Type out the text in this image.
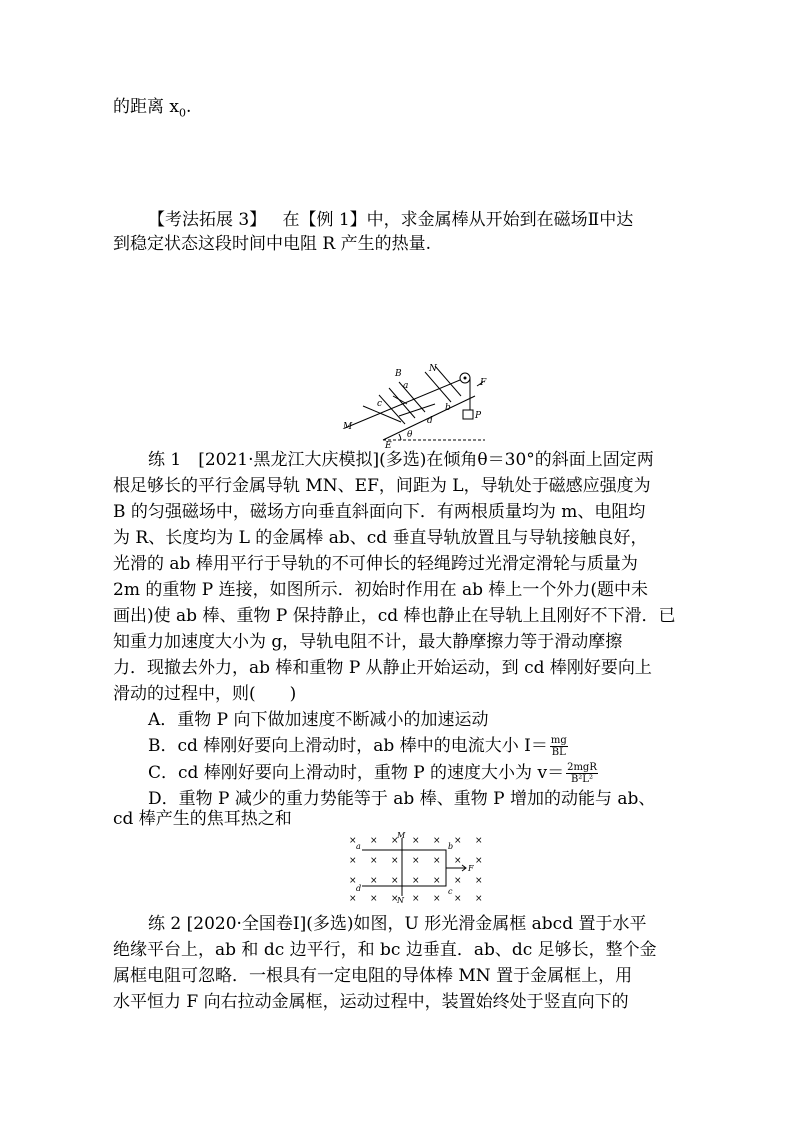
的距离 $x_0$.
【考法拓展 3】 在【例 1】中，求金属棒从开始到在磁场Ⅱ中达
到稳定状态这段时间中电阻 R 产生的热量.
B	N
a
c	b
d
F
P
M
E
θ
练 1　[2021·黑龙江大庆模拟](多选)在倾角θ＝30°的斜面上固定两
根足够长的平行金属导轨 MN、EF，间距为 L，导轨处于磁感应强度为
B 的匀强磁场中，磁场方向垂直斜面向下．有两根质量均为 m、电阻均
为 R、长度均为 L 的金属棒 ab、cd 垂直导轨放置且与导轨接触良好，
光滑的 ab 棒用平行于导轨的不可伸长的轻绳跨过光滑定滑轮与质量为
2m 的重物 P 连接，如图所示．初始时作用在 ab 棒上一个外力(题中未
画出)使 ab 棒、重物 P 保持静止，cd 棒也静止在导轨上且刚好不下滑．已
知重力加速度大小为 g，导轨电阻不计，最大静摩擦力等于滑动摩擦
力．现撤去外力，ab 棒和重物 P 从静止开始运动，到 cd 棒刚好要向上
滑动的过程中，则(　　)
A．重物 P 向下做加速度不断减小的加速运动
B．cd 棒刚好要向上滑动时，ab 棒中的电流大小 $I= \frac{mg}{BL}$
C．cd 棒刚好要向上滑动时，重物 P 的速度大小为 $v= \frac{\text{2mgR}}{\text{B²L²}}$
D．重物 P 减少的重力势能等于 ab 棒、重物 P 增加的动能与 ab、
cd 棒产生的焦耳热之和
× × × × × × ×
× × × × × × ×
× × × × × × ×
× × × × × × ×
M
N
a	b
c
d
F
练 2 [2020·全国卷Ⅰ](多选)如图，U 形光滑金属框 abcd 置于水平
绝缘平台上，ab 和 dc 边平行，和 bc 边垂直．ab、dc 足够长，整个金
属框电阻可忽略．一根具有一定电阻的导体棒 MN 置于金属框上，用
水平恒力 F 向右拉动金属框，运动过程中，装置始终处于竖直向下的
